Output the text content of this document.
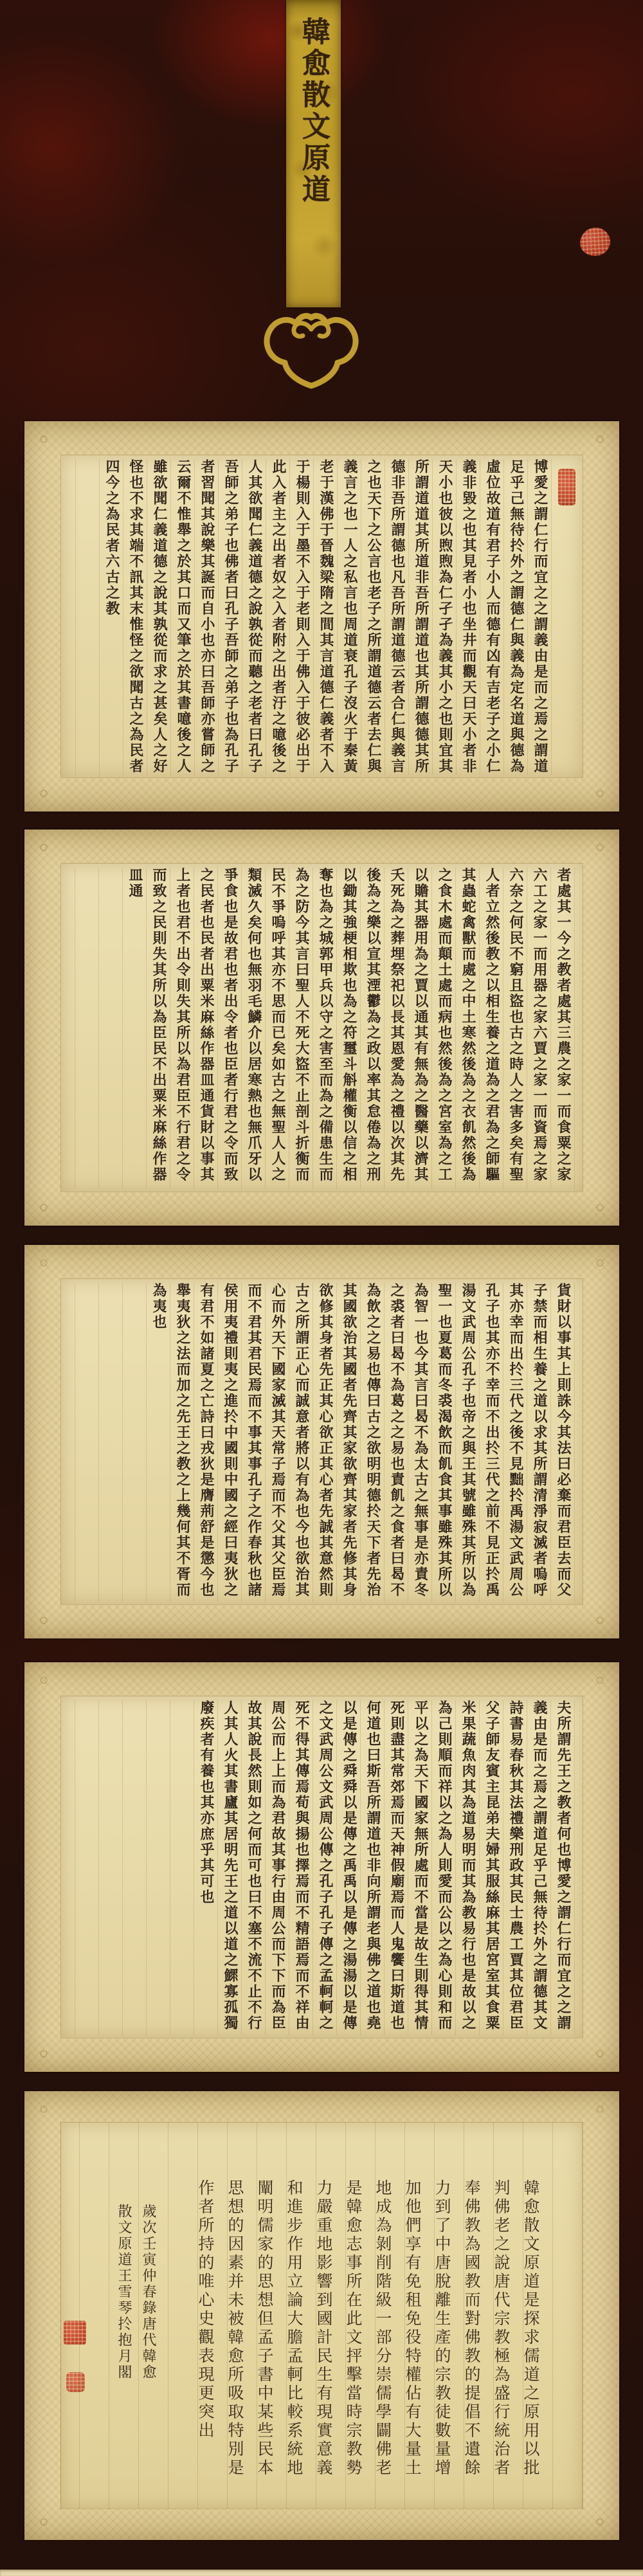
韓愈散文原道
博愛之謂仁行而宜之之謂義由是而之焉之謂道足乎己無待扵外之謂德仁與義為定名道與德為虛位故道有君子小人而德有凶有吉老子之小仁義非毀之也其見者小也坐井而觀天曰天小者非天小也彼以煦煦為仁孑孑為義其小之也則宜其所謂道道其所道非吾所謂道也其所謂德德其所德非吾所謂德也凡吾所謂道德云者合仁與義言之也天下之公言也老子之所謂道德云者去仁與義言之也一人之私言也周道衰孔子沒火于秦黃老于漢佛于晉魏梁隋之間其言道德仁義者不入于楊則入于墨不入于老則入于佛入于彼必出于此入者主之出者奴之入者附之出者汙之噫後之人其欲聞仁義道德之說孰從而聽之老者曰孔子吾師之弟子也佛者曰孔子吾師之弟子也為孔子者習聞其說樂其誕而自小也亦曰吾師亦嘗師之云爾不惟舉之於其口而又筆之於其書噫後之人雖欲聞仁義道德之說其孰從而求之甚矣人之好怪也不求其端不訊其末惟怪之欲聞古之為民者四今之為民者六古之教
者處其一今之教者處其三農之家一而食粟之家六工之家一而用器之家六賈之家一而資焉之家六奈之何民不窮且盜也古之時人之害多矣有聖人者立然後教之以相生養之道為之君為之師驅其蟲蛇禽獸而處之中土寒然後為之衣飢然後為之食木處而顛土處而病也然後為之宮室為之工以贍其器用為之賈以通其有無為之醫藥以濟其夭死為之葬埋祭祀以長其恩愛為之禮以次其先後為之樂以宣其湮鬱為之政以率其怠倦為之刑以鋤其強梗相欺也為之符璽斗斛權衡以信之相奪也為之城郭甲兵以守之害至而為之備患生而為之防今其言曰聖人不死大盜不止剖斗折衡而民不爭嗚呼其亦不思而已矣如古之無聖人人之類滅久矣何也無羽毛鱗介以居寒熱也無爪牙以爭食也是故君也者出令者也臣者行君之令而致之民者也民者出粟米麻絲作器皿通貨財以事其上者也君不出令則失其所以為君臣不行君之令而致之民則失其所以為臣民不出粟米麻絲作器皿通
貨財以事其上則誅今其法曰必棄而君臣去而父子禁而相生養之道以求其所謂清淨寂滅者嗚呼其亦幸而出扵三代之後不見黜扵禹湯文武周公孔子也其亦不幸而不出扵三代之前不見正扵禹湯文武周公孔子也帝之與王其號雖殊其所以為聖一也夏葛而冬裘渴飲而飢食其事雖殊其所以為智一也今其言曰曷不為太古之無事是亦責冬之裘者曰曷不為葛之之易也責飢之食者曰曷不為飲之之易也傳曰古之欲明明德扵天下者先治其國欲治其國者先齊其家欲齊其家者先修其身欲修其身者先正其心欲正其心者先誠其意然則古之所謂正心而誠意者將以有為也今也欲治其心而外天下國家滅其天常子焉而不父其父臣焉而不君其君民焉而不事其事孔子之作春秋也諸侯用夷禮則夷之進扵中國則中國之經曰夷狄之有君不如諸夏之亡詩曰戎狄是膺荊舒是懲今也舉夷狄之法而加之先王之教之上幾何其不胥而為夷也
夫所謂先王之教者何也博愛之謂仁行而宜之之謂義由是而之焉之謂道足乎己無待扵外之謂德其文詩書易春秋其法禮樂刑政其民士農工賈其位君臣父子師友賓主昆弟夫婦其服絲麻其居宮室其食粟米果蔬魚肉其為道易明而其為教易行也是故以之為己則順而祥以之為人則愛而公以之為心則和而平以之為天下國家無所處而不當是故生則得其情死則盡其常郊焉而天神假廟焉而人鬼饗曰斯道也何道也曰斯吾所謂道也非向所謂老與佛之道也堯以是傳之舜舜以是傳之禹禹以是傳之湯湯以是傳之文武周公文武周公傳之孔子孔子傳之孟軻軻之死不得其傳焉荀與揚也擇焉而不精語焉而不祥由周公而上上而為君故其事行由周公而下下而為臣故其說長然則如之何而可也曰不塞不流不止不行人其人火其書廬其居明先王之道以道之鰥寡孤獨廢疾者有養也其亦庶乎其可也
韓愈散文原道是探求儒道之原用以批判佛老之說唐代宗教極為盛行統治者奉佛教為國教而對佛教的提倡不遺餘力到了中唐脫離生產的宗教徒數量增加他們享有免租免役特權佔有大量土地成為剝削階級一部分崇儒學闢佛老是韓愈志事所在此文抨擊當時宗教勢力嚴重地影響到國計民生有現實意義和進步作用立論大膽孟軻比較系統地闡明儒家的思想但孟子書中某些民本思想的因素并未被韓愈所吸取特別是作者所持的唯心史觀表現更突出
歲次壬寅仲春錄唐代韓愈
散文原道王雪琴扵抱月閣
